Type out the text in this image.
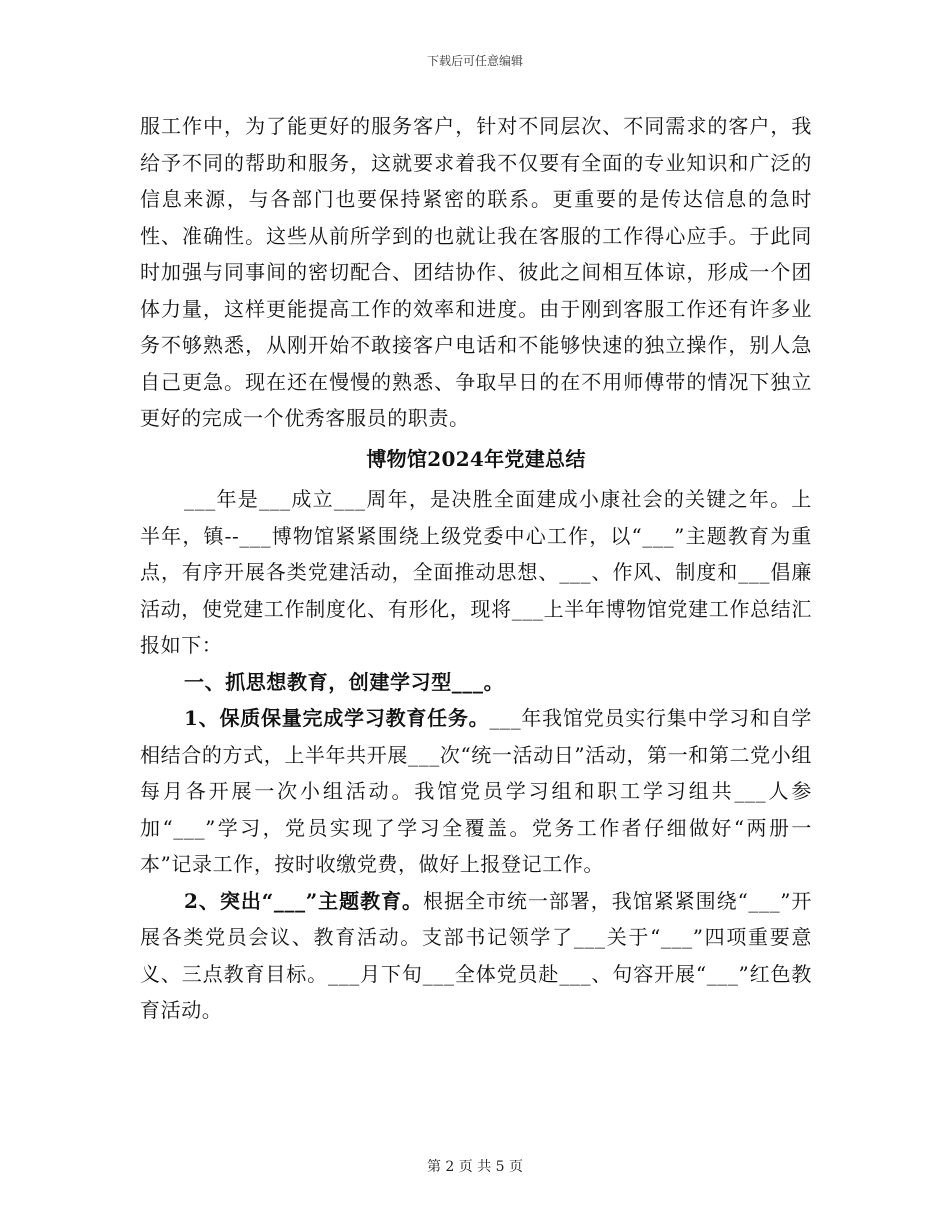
下载后可任意编辑

服工作中，为了能更好的服务客户，针对不同层次、不同需求的客户，我给予不同的帮助和服务，这就要求着我不仅要有全面的专业知识和广泛的信息来源，与各部门也要保持紧密的联系。更重要的是传达信息的急时性、准确性。这些从前所学到的也就让我在客服的工作得心应手。于此同时加强与同事间的密切配合、团结协作、彼此之间相互体谅，形成一个团体力量，这样更能提高工作的效率和进度。由于刚到客服工作还有许多业务不够熟悉，从刚开始不敢接客户电话和不能够快速的独立操作，别人急自己更急。现在还在慢慢的熟悉、争取早日的在不用师傅带的情况下独立更好的完成一个优秀客服员的职责。

博物馆2024年党建总结

___年是___成立___周年，是决胜全面建成小康社会的关键之年。上半年，镇--___博物馆紧紧围绕上级党委中心工作，以“___”主题教育为重点，有序开展各类党建活动，全面推动思想、___、作风、制度和___倡廉活动，使党建工作制度化、有形化，现将___上半年博物馆党建工作总结汇报如下：

一、抓思想教育，创建学习型___。

1、保质保量完成学习教育任务。___年我馆党员实行集中学习和自学相结合的方式，上半年共开展___次“统一活动日”活动，第一和第二党小组每月各开展一次小组活动。我馆党员学习组和职工学习组共___人参加“___”学习，党员实现了学习全覆盖。党务工作者仔细做好“两册一本”记录工作，按时收缴党费，做好上报登记工作。

2、突出“___”主题教育。根据全市统一部署，我馆紧紧围绕“___”开展各类党员会议、教育活动。支部书记领学了___关于“___”四项重要意义、三点教育目标。___月下旬___全体党员赴___、句容开展“___”红色教育活动。

第 2 页 共 5 页
